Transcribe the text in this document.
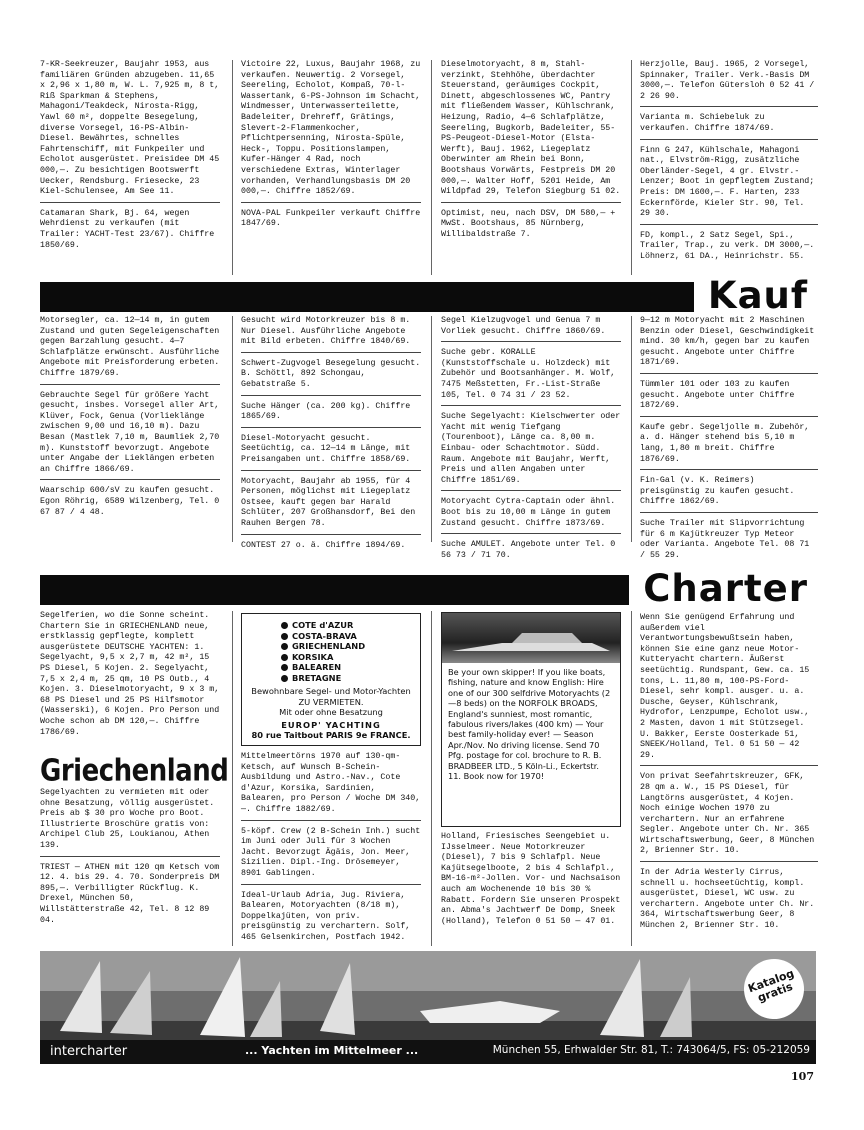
7-KR-Seekreuzer, Baujahr 1953, aus familiären Gründen abzugeben. 11,65 x 2,96 x 1,80 m, W. L. 7,925 m, 8 t, Riß Sparkman & Stephens, Mahagoni/Teakdeck, Nirosta-Rigg, Yawl 60 m², doppelte Besegelung, diverse Vorsegel, 16-PS-Albin-Diesel. Bewährtes, schnelles Fahrtenschiff, mit Funkpeiler und Echolot ausgerüstet. Preisidee DM 45 000,—. Zu besichtigen Bootswerft Uecker, Rendsburg. Friesecke, 23 Kiel-Schulensee, Am See 11.
Catamaran Shark, Bj. 64, wegen Wehrdienst zu verkaufen (mit Trailer: YACHT-Test 23/67). Chiffre 1850/69.
Victoire 22, Luxus, Baujahr 1968, zu verkaufen. Neuwertig. 2 Vorsegel, Seereling, Echolot, Kompaß, 70-l-Wassertank, 6-PS-Johnson im Schacht, Windmesser, Unterwasserteilette, Badeleiter, Drehreff, Grätings, Slevert-2-Flammenkocher, Pflichtpersenning, Nirosta-Spüle, Heck-, Toppu. Positionslampen, Kufer-Hänger 4 Rad, noch verschiedene Extras, Winterlager vorhanden, Verhandlungsbasis DM 20 000,—. Chiffre 1852/69.
NOVA-PAL Funkpeiler verkauft Chiffre 1847/69.
Dieselmotoryacht, 8 m, Stahl-verzinkt, Stehhöhe, überdachter Steuerstand, geräumiges Cockpit, Dinett, abgeschlossenes WC, Pantry mit fließendem Wasser, Kühlschrank, Heizung, Radio, 4—6 Schlafplätze, Seereling, Bugkorb, Badeleiter, 55-PS-Peugeot-Diesel-Motor (Elsta-Werft), Bauj. 1962, Liegeplatz Oberwinter am Rhein bei Bonn, Bootshaus Vorwärts, Festpreis DM 20 000,—. Walter Hoff, 5201 Heide, Am Wildpfad 29, Telefon Siegburg 51 02.
Optimist, neu, nach DSV, DM 580,— + MwSt. Bootshaus, 85 Nürnberg, Willibaldstraße 7.
Herzjolle, Bauj. 1965, 2 Vorsegel, Spinnaker, Trailer. Verk.-Basis DM 3000,—. Telefon Gütersloh 0 52 41 / 2 26 90.
Varianta m. Schiebeluk zu verkaufen. Chiffre 1874/69.
Finn G 247, Kühlschale, Mahagoni nat., Elvström-Rigg, zusätzliche Oberländer-Segel, 4 gr. Elvstr.-Lenzer; Boot in gepflegtem Zustand; Preis: DM 1600,—. F. Harten, 233 Eckernförde, Kieler Str. 90, Tel. 29 30.
FD, kompl., 2 Satz Segel, Spi., Trailer, Trap., zu verk. DM 3000,—. Löhnerz, 61 DA., Heinrichstr. 55.
Kauf
Motorsegler, ca. 12—14 m, in gutem Zustand und guten Segeleigenschaften gegen Barzahlung gesucht. 4—7 Schlafplätze erwünscht. Ausführliche Angebote mit Preisforderung erbeten. Chiffre 1879/69.
Gebrauchte Segel für größere Yacht gesucht, insbes. Vorsegel aller Art, Klüver, Fock, Genua (Vorlieklänge zwischen 9,00 und 16,10 m). Dazu Besan (Mastlek 7,10 m, Baumliek 2,70 m). Kunststoff bevorzugt. Angebote unter Angabe der Lieklängen erbeten an Chiffre 1866/69.
Waarschip 600/sV zu kaufen gesucht. Egon Röhrig, 6589 Wilzenberg, Tel. 0 67 87 / 4 48.
Gesucht wird Motorkreuzer bis 8 m. Nur Diesel. Ausführliche Angebote mit Bild erbeten. Chiffre 1840/69.
Schwert-Zugvogel Besegelung gesucht. B. Schöttl, 892 Schongau, Gebatstraße 5.
Suche Hänger (ca. 200 kg). Chiffre 1865/69.
Diesel-Motoryacht gesucht. Seetüchtig, ca. 12—14 m Länge, mit Preisangaben unt. Chiffre 1858/69.
Motoryacht, Baujahr ab 1955, für 4 Personen, möglichst mit Liegeplatz Ostsee, kauft gegen bar Harald Schlüter, 207 Großhansdorf, Bei den Rauhen Bergen 78.
CONTEST 27 o. ä. Chiffre 1894/69.
Segel Kielzugvogel und Genua 7 m Vorliek gesucht. Chiffre 1860/69.
Suche gebr. KORALLE (Kunststoffschale u. Holzdeck) mit Zubehör und Bootsanhänger. M. Wolf, 7475 Meßstetten, Fr.-List-Straße 105, Tel. 0 74 31 / 23 52.
Suche Segelyacht: Kielschwerter oder Yacht mit wenig Tiefgang (Tourenboot), Länge ca. 8,00 m. Einbau- oder Schachtmotor. Südd. Raum. Angebote mit Baujahr, Werft, Preis und allen Angaben unter Chiffre 1851/69.
Motoryacht Cytra-Captain oder ähnl. Boot bis zu 10,00 m Länge in gutem Zustand gesucht. Chiffre 1873/69.
Suche AMULET. Angebote unter Tel. 0 56 73 / 71 70.
9—12 m Motoryacht mit 2 Maschinen Benzin oder Diesel, Geschwindigkeit mind. 30 km/h, gegen bar zu kaufen gesucht. Angebote unter Chiffre 1871/69.
Tümmler 101 oder 103 zu kaufen gesucht. Angebote unter Chiffre 1872/69.
Kaufe gebr. Segeljolle m. Zubehör, a. d. Hänger stehend bis 5,10 m lang, 1,80 m breit. Chiffre 1876/69.
Fin-Gal (v. K. Reimers) preisgünstig zu kaufen gesucht. Chiffre 1862/69.
Suche Trailer mit Slipvorrichtung für 6 m Kajütkreuzer Typ Meteor oder Varianta. Angebote Tel. 08 71 / 55 29.
Charter
Segelferien, wo die Sonne scheint. Chartern Sie in GRIECHENLAND neue, erstklassig gepflegte, komplett ausgerüstete DEUTSCHE YACHTEN: 1. Segelyacht, 9,5 x 2,7 m, 42 m², 15 PS Diesel, 5 Kojen. 2. Segelyacht, 7,5 x 2,4 m, 25 qm, 10 PS Outb., 4 Kojen. 3. Dieselmotoryacht, 9 x 3 m, 68 PS Diesel und 25 PS Hilfsmotor (Wasserski), 6 Kojen. Pro Person und Woche schon ab DM 120,—. Chiffre 1786/69.
Griechenland
Segelyachten zu vermieten mit oder ohne Besatzung, völlig ausgerüstet. Preis ab $ 30 pro Woche pro Boot. Illustrierte Broschüre gratis von: Archipel Club 25, Loukianou, Athen 139.
TRIEST — ATHEN mit 120 qm Ketsch vom 12. 4. bis 29. 4. 70. Sonderpreis DM 895,—. Verbilligter Rückflug. K. Drexel, München 50, Willstätterstraße 42, Tel. 8 12 89 04.
COTE d'AZUR
COSTA-BRAVA
GRIECHENLAND
KORSIKA
BALEAREN
BRETAGNE
Bewohnbare Segel- und Motor-Yachten ZU VERMIETEN.
Mit oder ohne Besatzung
EUROP' YACHTING
80 rue Taitbout PARIS 9e FRANCE.
Mittelmeertörns 1970 auf 130-qm-Ketsch, auf Wunsch B-Schein-Ausbildung und Astro.-Nav., Cote d'Azur, Korsika, Sardinien, Balearen, pro Person / Woche DM 340,—. Chiffre 1882/69.
5-köpf. Crew (2 B-Schein Inh.) sucht im Juni oder Juli für 3 Wochen Jacht. Bevorzugt Ägäis, Jon. Meer, Sizilien. Dipl.-Ing. Drösemeyer, 8901 Gablingen.
Ideal-Urlaub Adria, Jug. Riviera, Balearen, Motoryachten (8/18 m), Doppelkajüten, von priv. preisgünstig zu verchartern. Solf, 465 Gelsenkirchen, Postfach 1942.
Be your own skipper! If you like boats, fishing, nature and know English: Hire one of our 300 selfdrive Motoryachts (2—8 beds) on the NORFOLK BROADS, England's sunniest, most romantic, fabulous rivers/lakes (400 km) — Your best family-holiday ever! — Season Apr./Nov. No driving license. Send 70 Pfg. postage for col. brochure to R. B. BRADBEER LTD., 5 Köln-Li., Eckertstr. 11. Book now for 1970!
Holland, Friesisches Seengebiet u. IJsselmeer. Neue Motorkreuzer (Diesel), 7 bis 9 Schlafpl. Neue Kajütsegelboote, 2 bis 4 Schlafpl., BM-16-m²-Jollen. Vor- und Nachsaison auch am Wochenende 10 bis 30 % Rabatt. Fordern Sie unseren Prospekt an. Abma's Jachtwerf De Domp, Sneek (Holland), Telefon 0 51 50 — 47 01.
Wenn Sie genügend Erfahrung und außerdem viel Verantwortungsbewußtsein haben, können Sie eine ganz neue Motor-Kutteryacht chartern. Äußerst seetüchtig. Rundspant, Gew. ca. 15 tons, L. 11,80 m, 100-PS-Ford-Diesel, sehr kompl. ausger. u. a. Dusche, Geyser, Kühlschrank, Hydrofor, Lenzpumpe, Echolot usw., 2 Masten, davon 1 mit Stützsegel. U. Bakker, Eerste Oosterkade 51, SNEEK/Holland, Tel. 0 51 50 — 42 29.
Von privat Seefahrtskreuzer, GFK, 28 qm a. W., 15 PS Diesel, für Langtörns ausgerüstet, 4 Kojen. Noch einige Wochen 1970 zu verchartern. Nur an erfahrene Segler. Angebote unter Ch. Nr. 365 Wirtschaftswerbung, Geer, 8 München 2, Brienner Str. 10.
In der Adria Westerly Cirrus, schnell u. hochseetüchtig, kompl. ausgerüstet, Diesel, WC usw. zu verchartern. Angebote unter Ch. Nr. 364, Wirtschaftswerbung Geer, 8 München 2, Brienner Str. 10.
Katalog gratis
intercharter	... Yachten im Mittelmeer ...	München 55, Erhwalder Str. 81, T.: 743064/5, FS: 05-212059
107
